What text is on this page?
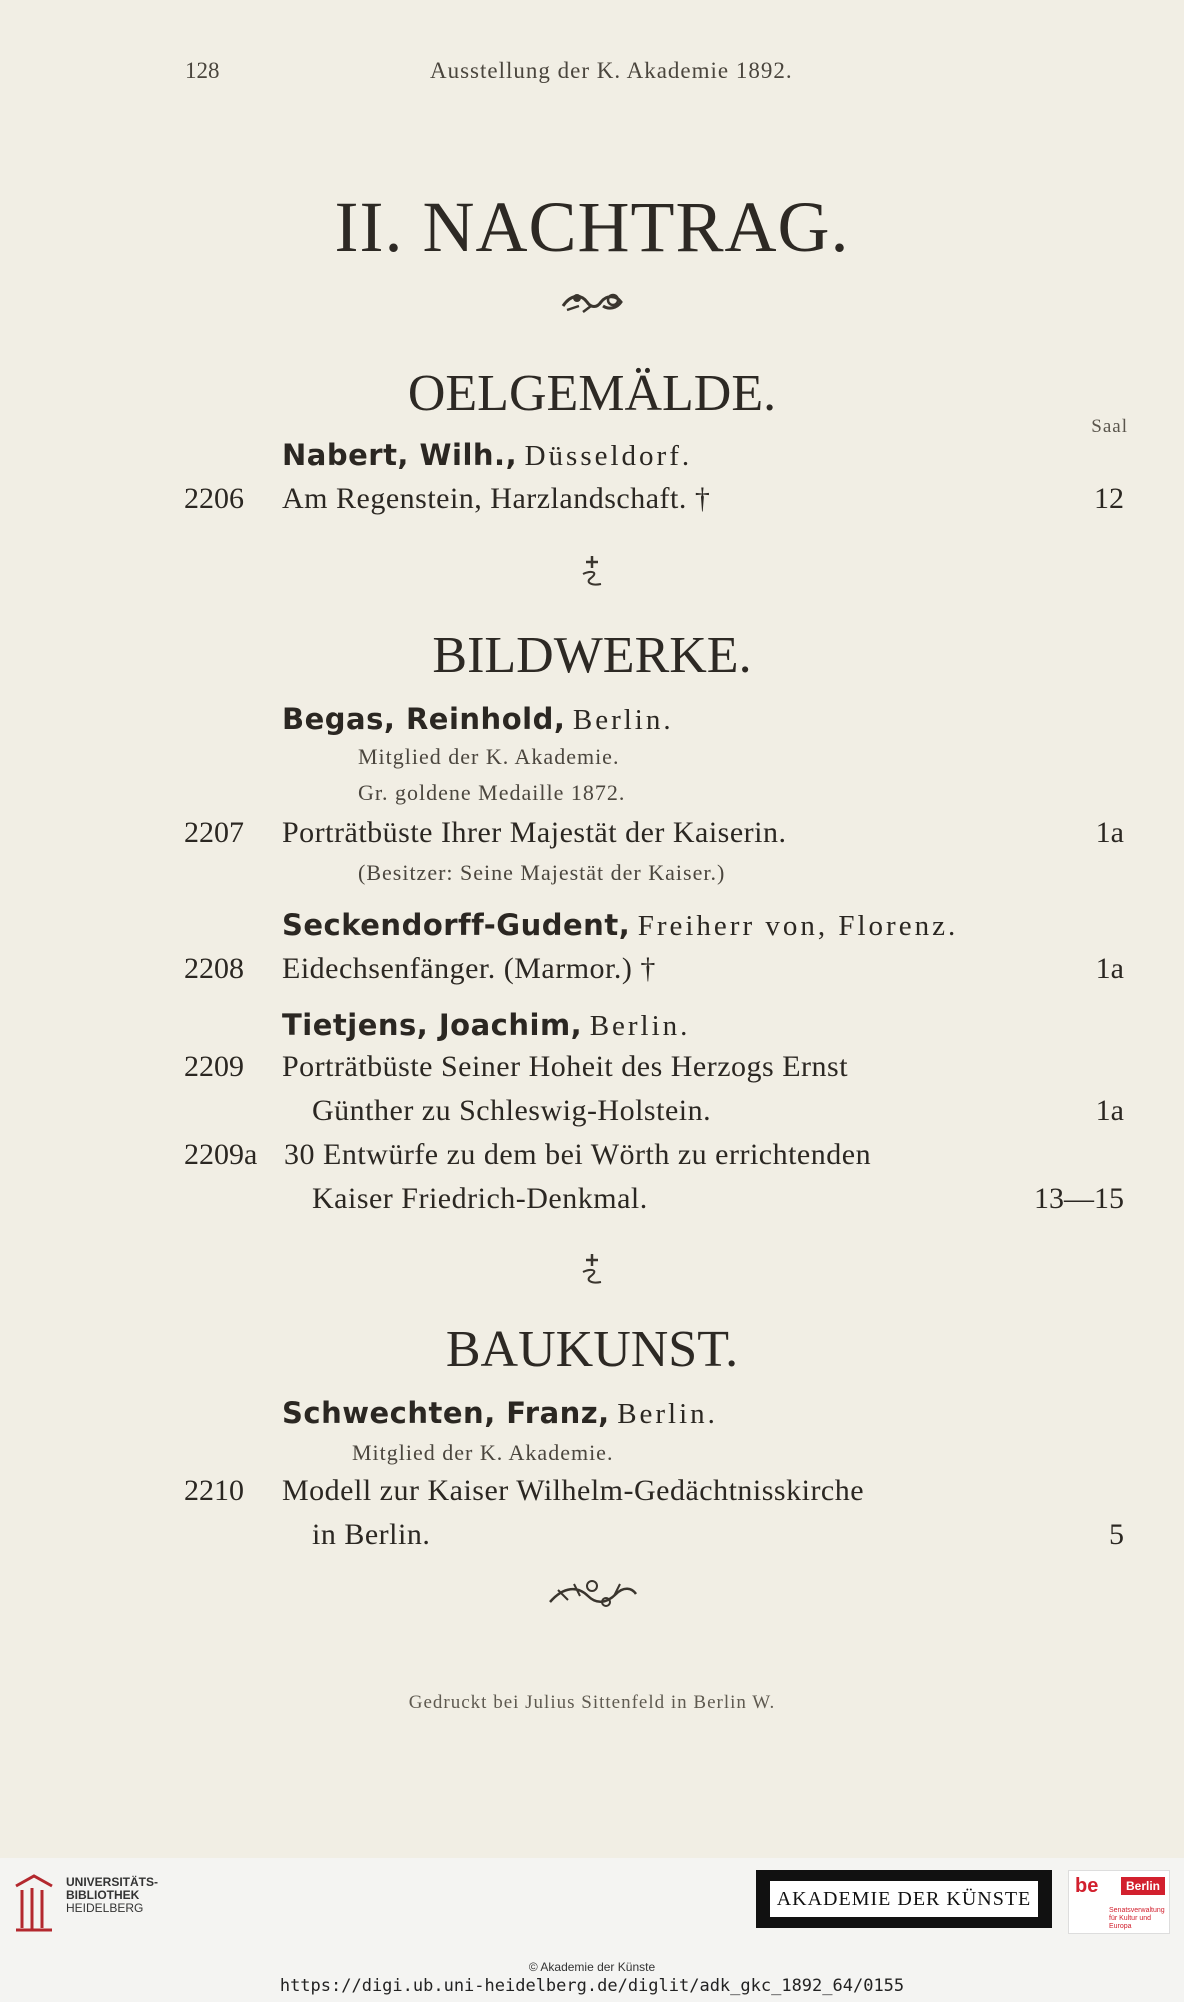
128	Ausstellung der K. Akademie 1892.
II. NACHTRAG.
OELGEMÄLDE.
Saal
Nabert, Wilh., Düsseldorf.
2206 Am Regenstein, Harzlandschaft. †	12
BILDWERKE.
Begas, Reinhold, Berlin.
Mitglied der K. Akademie.
Gr. goldene Medaille 1872.
2207 Porträtbüste Ihrer Majestät der Kaiserin.	1a
(Besitzer: Seine Majestät der Kaiser.)
Seckendorff-Gudent, Freiherr von, Florenz.
2208 Eidechsenfänger. (Marmor.) †	1a
Tietjens, Joachim, Berlin.
2209 Porträtbüste Seiner Hoheit des Herzogs Ernst
Günther zu Schleswig-Holstein.	1a
2209a 30 Entwürfe zu dem bei Wörth zu errichtenden
Kaiser Friedrich-Denkmal.	13—15
BAUKUNST.
Schwechten, Franz, Berlin.
Mitglied der K. Akademie.
2210 Modell zur Kaiser Wilhelm-Gedächtnisskirche
in Berlin.	5
Gedruckt bei Julius Sittenfeld in Berlin W.
UNIVERSITÄTS-
BIBLIOTHEK
HEIDELBERG	AKADEMIE DER KÜNSTE
be	Berlin
Senatsverwaltung für Kultur und Europa
© Akademie der Künste
https://digi.ub.uni-heidelberg.de/diglit/adk_gkc_1892_64/0155
